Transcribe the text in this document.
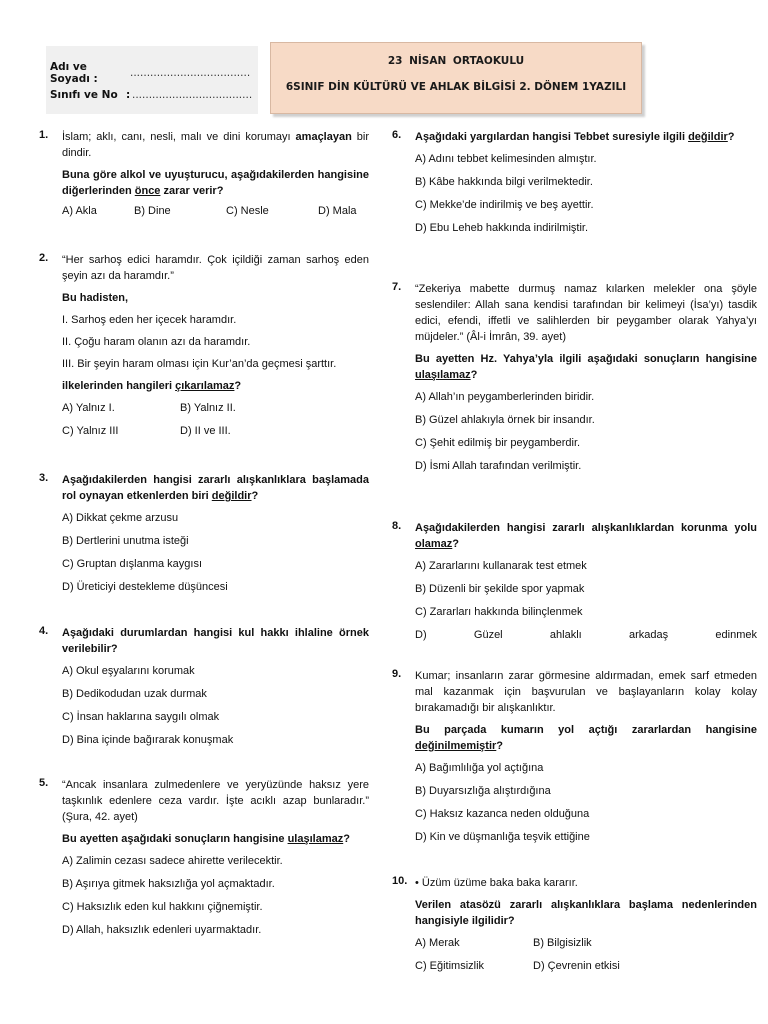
Adı ve Soyadı :	....................................
Sınıfı ve No : ....................................
23 NİSAN ORTAOKULU
6SINIF DİN KÜLTÜRÜ VE AHLAK BİLGİSİ 2. DÖNEM 1YAZILI
1. İslam; aklı, canı, nesli, malı ve dini korumayı amaçlayan bir dindir.

Buna göre alkol ve uyuşturucu, aşağıdakilerden hangisine diğerlerinden önce zarar verir?

A) Akla	B) Dine	C) Nesle	D) Mala
2. “Her sarhoş edici haramdır. Çok içildiği zaman sarhoş eden şeyin azı da haramdır.”

Bu hadisten,

I. Sarhoş eden her içecek haramdır.

II. Çoğu haram olanın azı da haramdır.

III. Bir şeyin haram olması için Kur’an’da geçmesi şarttır.

ilkelerinden hangileri çıkarılamaz?

A) Yalnız I.	B) Yalnız II.
C) Yalnız III	D) II ve III.
3. Aşağıdakilerden hangisi zararlı alışkanlıklara başlamada rol oynayan etkenlerden biri değildir?

A) Dikkat çekme arzusu
B) Dertlerini unutma isteği
C) Gruptan dışlanma kaygısı
D) Üreticiyi destekleme düşüncesi
4. Aşağıdaki durumlardan hangisi kul hakkı ihlaline örnek verilebilir?

A) Okul eşyalarını korumak
B) Dedikodudan uzak durmak
C) İnsan haklarına saygılı olmak
D) Bina içinde bağırarak konuşmak
5. “Ancak insanlara zulmedenlere ve yeryüzünde haksız yere taşkınlık edenlere ceza vardır. İşte acıklı azap bunlaradır.” (Şura, 42. ayet)

Bu ayetten aşağıdaki sonuçların hangisine ulaşılamaz?

A) Zalimin cezası sadece ahirette verilecektir.
B) Aşırıya gitmek haksızlığa yol açmaktadır.
C) Haksızlık eden kul hakkını çiğnemiştir.
D) Allah, haksızlık edenleri uyarmaktadır.
6. Aşağıdaki yargılardan hangisi Tebbet suresiyle ilgili değildir?

A) Adını tebbet kelimesinden almıştır.
B) Kâbe hakkında bilgi verilmektedir.
C) Mekke’de indirilmiş ve beş ayettir.
D) Ebu Leheb hakkında indirilmiştir.
7. “Zekeriya mabette durmuş namaz kılarken melekler ona şöyle seslendiler: Allah sana kendisi tarafından bir kelimeyi (İsa’yı) tasdik edici, efendi, iffetli ve salihlerden bir peygamber olarak Yahya’yı müjdeler.” (Âl-i İmrân, 39. ayet)

Bu ayetten Hz. Yahya’yla ilgili aşağıdaki sonuçların hangisine ulaşılamaz?

A) Allah’ın peygamberlerinden biridir.
B) Güzel ahlakıyla örnek bir insandır.
C) Şehit edilmiş bir peygamberdir.
D) İsmi Allah tarafından verilmiştir.
8. Aşağıdakilerden hangisi zararlı alışkanlıklardan korunma yolu olamaz?

A) Zararlarını kullanarak test etmek
B) Düzenli bir şekilde spor yapmak
C) Zararları hakkında bilinçlenmek
D)	Güzel	ahlaklı	arkadaş	edinmek
9. Kumar; insanların zarar görmesine aldırmadan, emek sarf etmeden mal kazanmak için başvurulan ve başlayanların kolay kolay bırakamadığı bir alışkanlıktır.

Bu parçada kumarın yol açtığı zararlardan hangisine değinilmemiştir?

A) Bağımlılığa yol açtığına
B) Duyarsızlığa alıştırdığına
C) Haksız kazanca neden olduğuna
D) Kin ve düşmanlığa teşvik ettiğine
10. • Üzüm üzüme baka baka kararır.

Verilen atasözü zararlı alışkanlıklara başlama nedenlerinden hangisiyle ilgilidir?

A) Merak	B) Bilgisizlik
C) Eğitimsizlik	D) Çevrenin etkisi
